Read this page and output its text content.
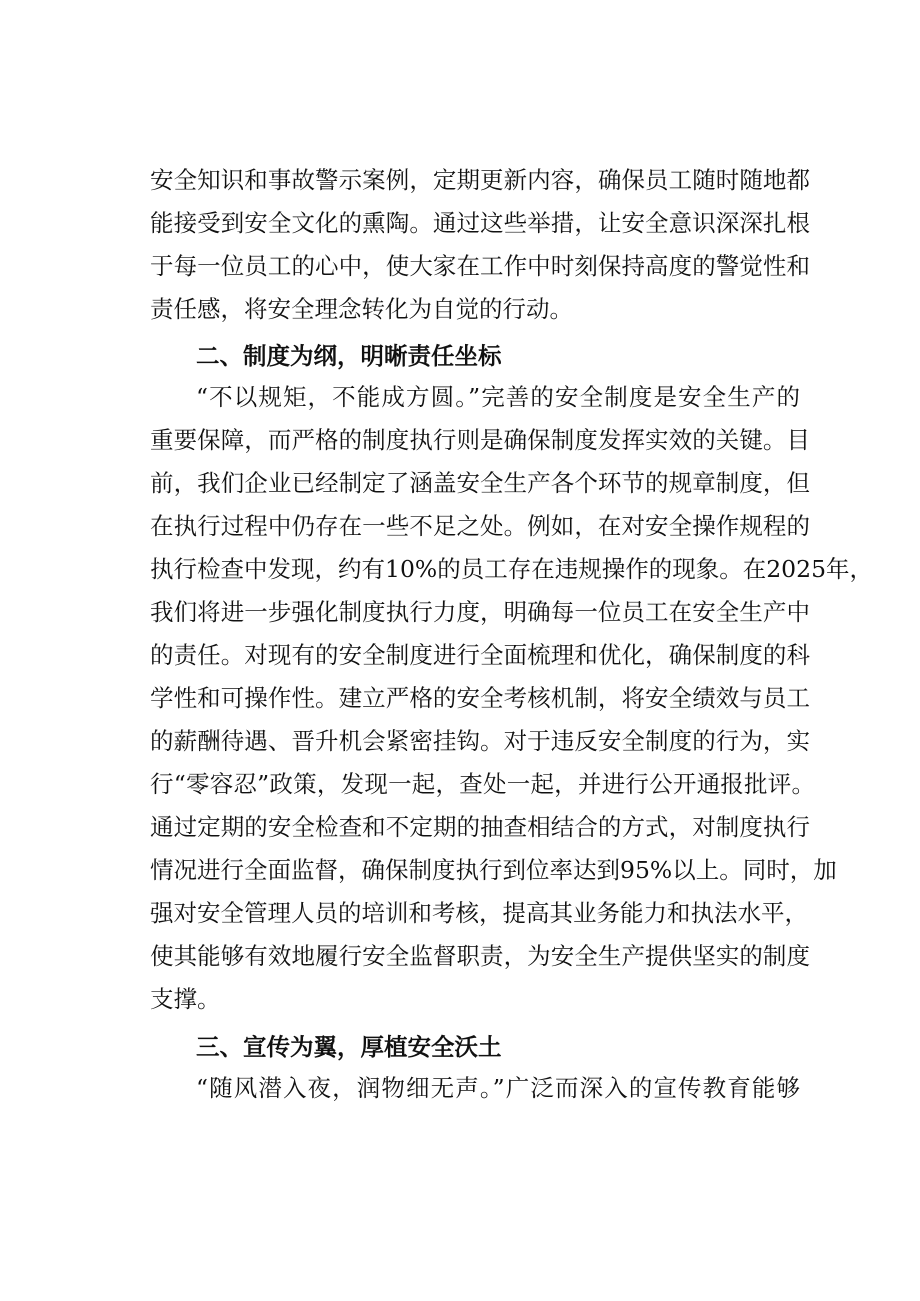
安全知识和事故警示案例，定期更新内容，确保员工随时随地都
能接受到安全文化的熏陶。通过这些举措，让安全意识深深扎根
于每一位员工的心中，使大家在工作中时刻保持高度的警觉性和
责任感，将安全理念转化为自觉的行动。
二、制度为纲，明晰责任坐标
“不以规矩，不能成方圆。”完善的安全制度是安全生产的
重要保障，而严格的制度执行则是确保制度发挥实效的关键。目
前，我们企业已经制定了涵盖安全生产各个环节的规章制度，但
在执行过程中仍存在一些不足之处。例如，在对安全操作规程的
执行检查中发现，约有10%的员工存在违规操作的现象。在2025年，
我们将进一步强化制度执行力度，明确每一位员工在安全生产中
的责任。对现有的安全制度进行全面梳理和优化，确保制度的科
学性和可操作性。建立严格的安全考核机制，将安全绩效与员工
的薪酬待遇、晋升机会紧密挂钩。对于违反安全制度的行为，实
行“零容忍”政策，发现一起，查处一起，并进行公开通报批评。
通过定期的安全检查和不定期的抽查相结合的方式，对制度执行
情况进行全面监督，确保制度执行到位率达到95%以上。同时，加
强对安全管理人员的培训和考核，提高其业务能力和执法水平，
使其能够有效地履行安全监督职责，为安全生产提供坚实的制度
支撑。
三、宣传为翼，厚植安全沃土
“随风潜入夜，润物细无声。”广泛而深入的宣传教育能够
